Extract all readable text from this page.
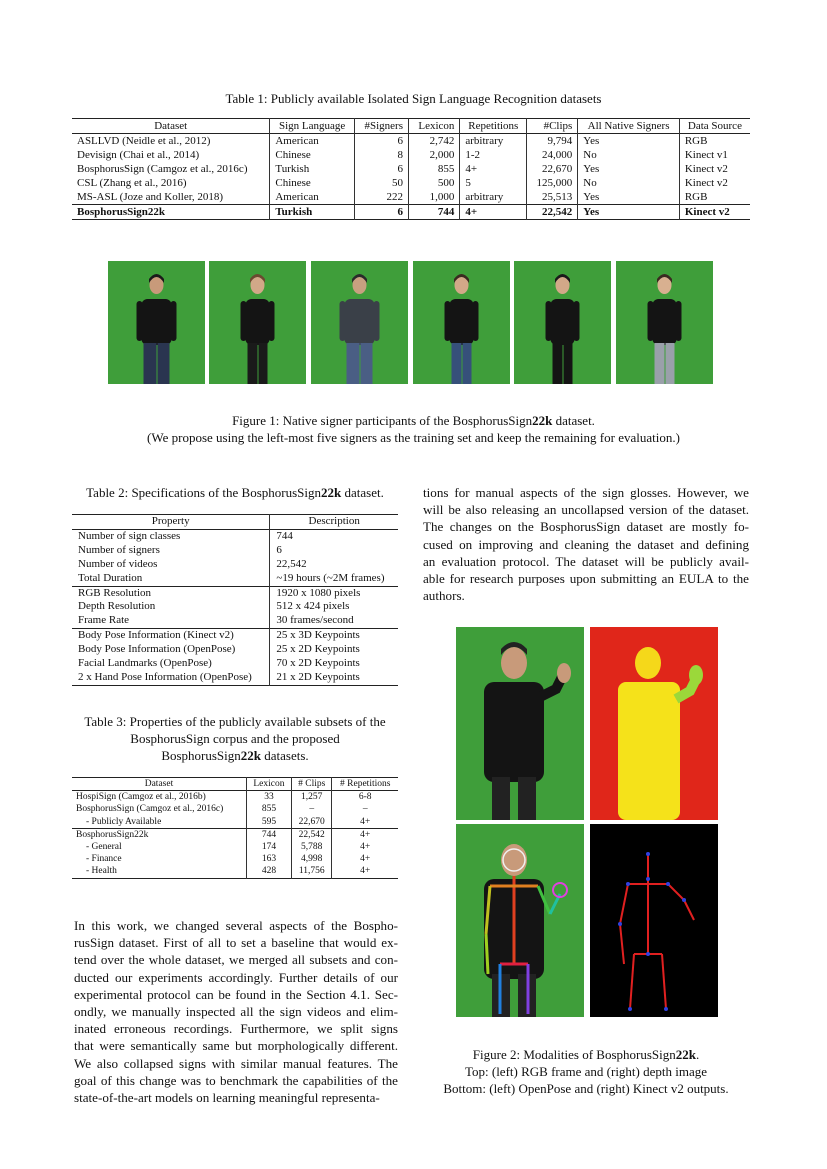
Table 1: Publicly available Isolated Sign Language Recognition datasets
Dataset	Sign Language	#Signers	Lexicon	Repetitions	#Clips	All Native Signers	Data Source
ASLLVD (Neidle et al., 2012)	American	6	2,742	arbitrary	9,794	Yes	RGB
Devisign (Chai et al., 2014)	Chinese	8	2,000	1-2	24,000	No	Kinect v1
BosphorusSign (Camgoz et al., 2016c)	Turkish	6	855	4+	22,670	Yes	Kinect v2
CSL (Zhang et al., 2016)	Chinese	50	500	5	125,000	No	Kinect v2
MS-ASL (Joze and Koller, 2018)	American	222	1,000	arbitrary	25,513	Yes	RGB
BosphorusSign22k	Turkish	6	744	4+	22,542	Yes	Kinect v2
Figure 1: Native signer participants of the BosphorusSign22k dataset.
(We propose using the left-most five signers as the training set and keep the remaining for evaluation.)
Table 2: Specifications of the BosphorusSign22k dataset.
Property	Description
Number of sign classes	744
Number of signers	6
Number of videos	22,542
Total Duration	~19 hours (~2M frames)
RGB Resolution	1920 x 1080 pixels
Depth Resolution	512 x 424 pixels
Frame Rate	30 frames/second
Body Pose Information (Kinect v2)	25 x 3D Keypoints
Body Pose Information (OpenPose)	25 x 2D Keypoints
Facial Landmarks (OpenPose)	70 x 2D Keypoints
2 x Hand Pose Information (OpenPose)	21 x 2D Keypoints
Table 3: Properties of the publicly available subsets of the
BosphorusSign corpus and the proposed
BosphorusSign22k datasets.
Dataset	Lexicon	# Clips	# Repetitions
HospiSign (Camgoz et al., 2016b)	33	1,257	6-8
BosphorusSign (Camgoz et al., 2016c)	855	–	–
- Publicly Available	595	22,670	4+
BosphorusSign22k	744	22,542	4+
- General	174	5,788	4+
- Finance	163	4,998	4+
- Health	428	11,756	4+
In this work, we changed several aspects of the Bospho-
rusSign dataset. First of all to set a baseline that would ex-
tend over the whole dataset, we merged all subsets and con-
ducted our experiments accordingly. Further details of our
experimental protocol can be found in the Section 4.1. Sec-
ondly, we manually inspected all the sign videos and elim-
inated erroneous recordings. Furthermore, we split signs
that were semantically same but morphologically different.
We also collapsed signs with similar manual features. The
goal of this change was to benchmark the capabilities of the
state-of-the-art models on learning meaningful representa-
tions for manual aspects of the sign glosses. However, we
will be also releasing an uncollapsed version of the dataset.
The changes on the BosphorusSign dataset are mostly fo-
cused on improving and cleaning the dataset and defining
an evaluation protocol. The dataset will be publicly avail-
able for research purposes upon submitting an EULA to the
authors.
Figure 2: Modalities of BosphorusSign22k.
Top: (left) RGB frame and (right) depth image
Bottom: (left) OpenPose and (right) Kinect v2 outputs.
